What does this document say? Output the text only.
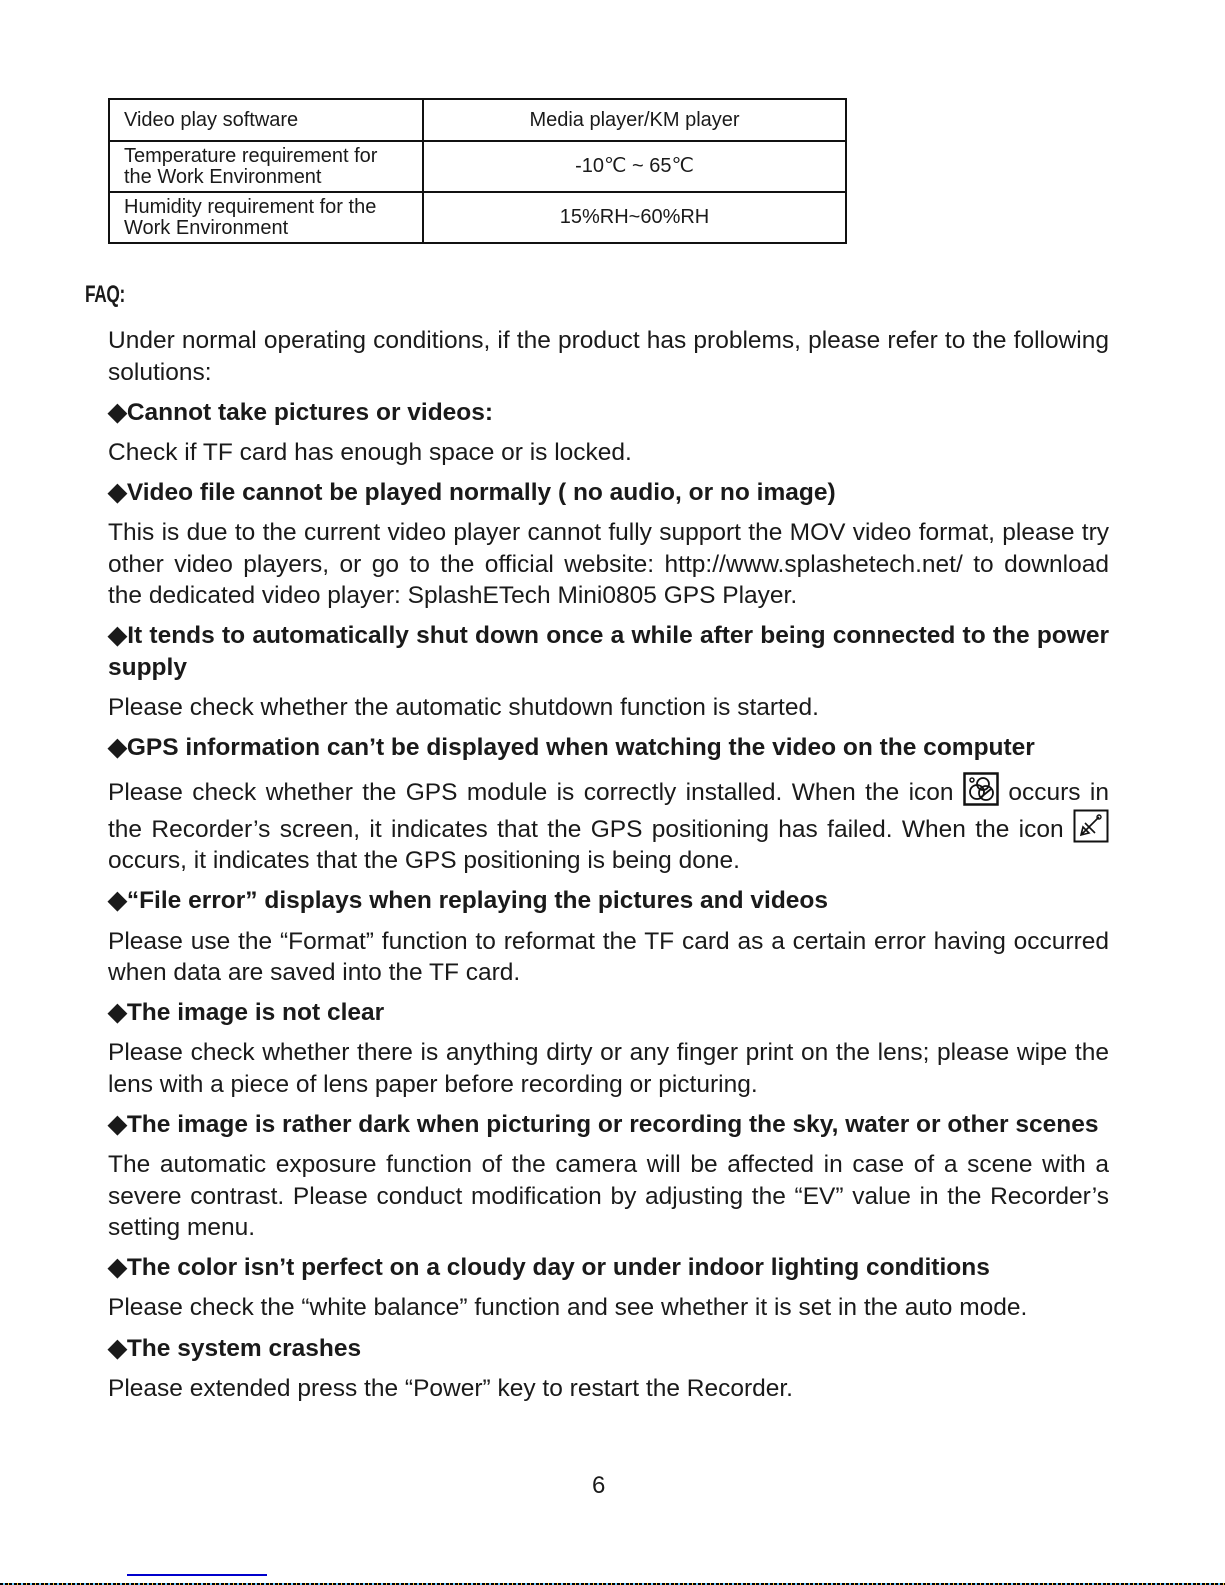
Video play software	Media player/KM player
Temperature requirement for the Work Environment	-10℃ ~ 65℃
Humidity requirement for the Work Environment	15%RH~60%RH
FAQ:
Under normal operating conditions, if the product has problems, please refer to the following solutions:
◆Cannot take pictures or videos:
Check if TF card has enough space or is locked.
◆Video file cannot be played normally ( no audio, or no image)
This is due to the current video player cannot fully support the MOV video format, please try other video players, or go to the official website: http://www.splashetech.net/ to download the dedicated video player: SplashETech Mini0805 GPS Player.
◆It tends to automatically shut down once a while after being connected to the power supply
Please check whether the automatic shutdown function is started.
◆GPS information can’t be displayed when watching the video on the computer
Please check whether the GPS module is correctly installed. When the icon  occurs in the Recorder’s screen, it indicates that the GPS positioning has failed. When the icon  occurs, it indicates that the GPS positioning is being done.
◆“File error” displays when replaying the pictures and videos
Please use the “Format” function to reformat the TF card as a certain error having occurred when data are saved into the TF card.
◆The image is not clear
Please check whether there is anything dirty or any finger print on the lens; please wipe the lens with a piece of lens paper before recording or picturing.
◆The image is rather dark when picturing or recording the sky, water or other scenes
The automatic exposure function of the camera will be affected in case of a scene with a severe contrast. Please conduct modification by adjusting the “EV” value in the Recorder’s setting menu.
◆The color isn’t perfect on a cloudy day or under indoor lighting conditions
Please check the “white balance” function and see whether it is set in the auto mode.
◆The system crashes
Please extended press the “Power” key to restart the Recorder.
6
